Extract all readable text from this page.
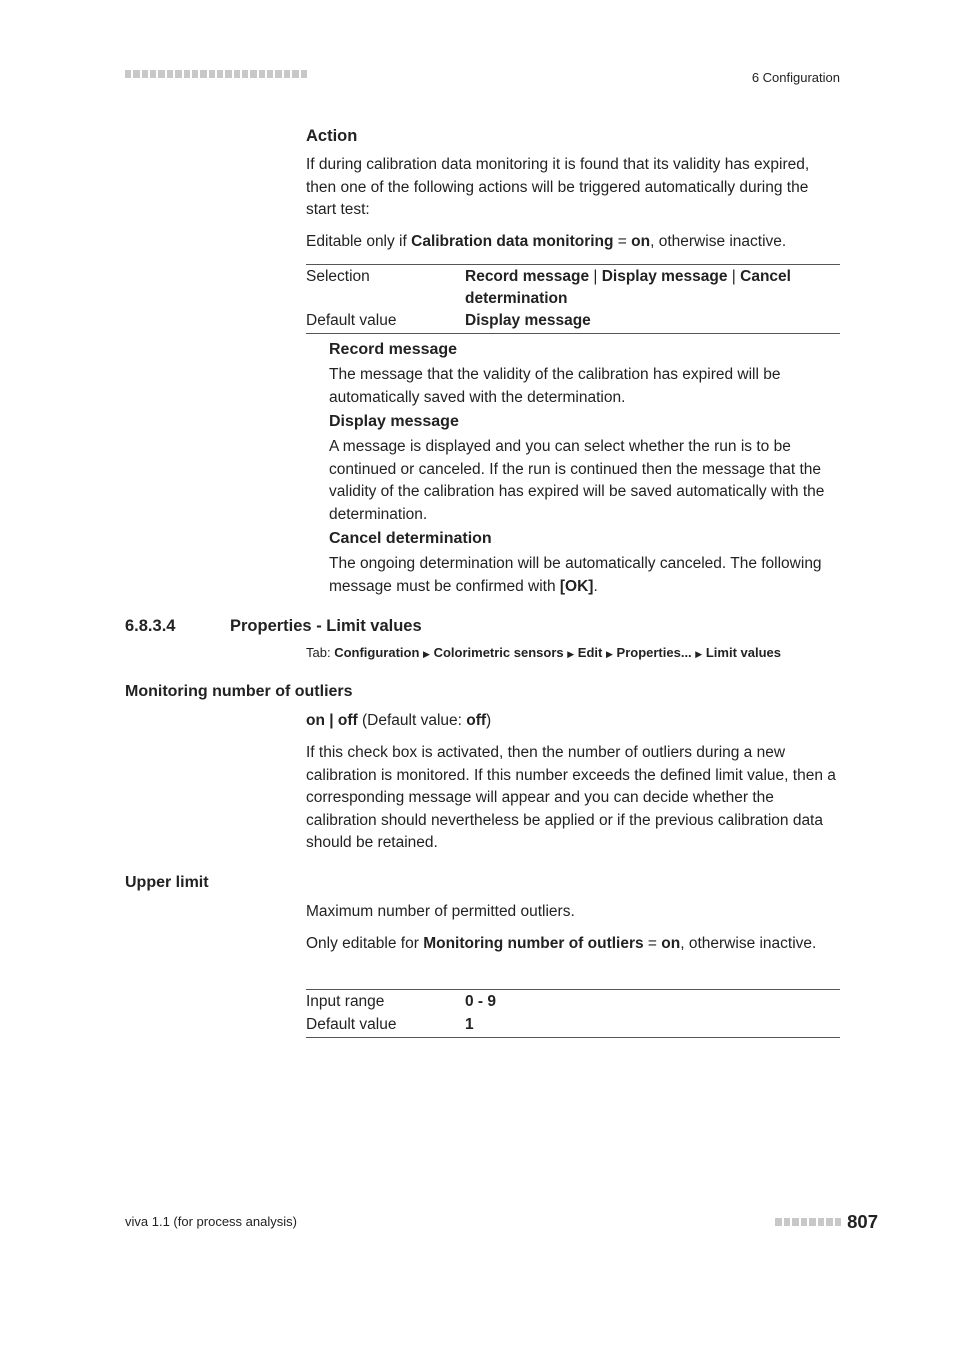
6 Configuration
Action
If during calibration data monitoring it is found that its validity has expired, then one of the following actions will be triggered automatically during the start test:
Editable only if Calibration data monitoring = on, otherwise inactive.
Selection	Record message | Display message | Cancel determination
Default value	Display message
Record message
The message that the validity of the calibration has expired will be automatically saved with the determination.
Display message
A message is displayed and you can select whether the run is to be continued or canceled. If the run is continued then the message that the validity of the calibration has expired will be saved automatically with the determination.
Cancel determination
The ongoing determination will be automatically canceled. The following message must be confirmed with [OK].
6.8.3.4	Properties - Limit values
Tab: Configuration ▶ Colorimetric sensors ▶ Edit ▶ Properties... ▶ Limit values
Monitoring number of outliers
on | off (Default value: off)
If this check box is activated, then the number of outliers during a new calibration is monitored. If this number exceeds the defined limit value, then a corresponding message will appear and you can decide whether the calibration should nevertheless be applied or if the previous calibration data should be retained.
Upper limit
Maximum number of permitted outliers.
Only editable for Monitoring number of outliers = on, otherwise inactive.
Input range	0 - 9
Default value	1
viva 1.1 (for process analysis)	807
